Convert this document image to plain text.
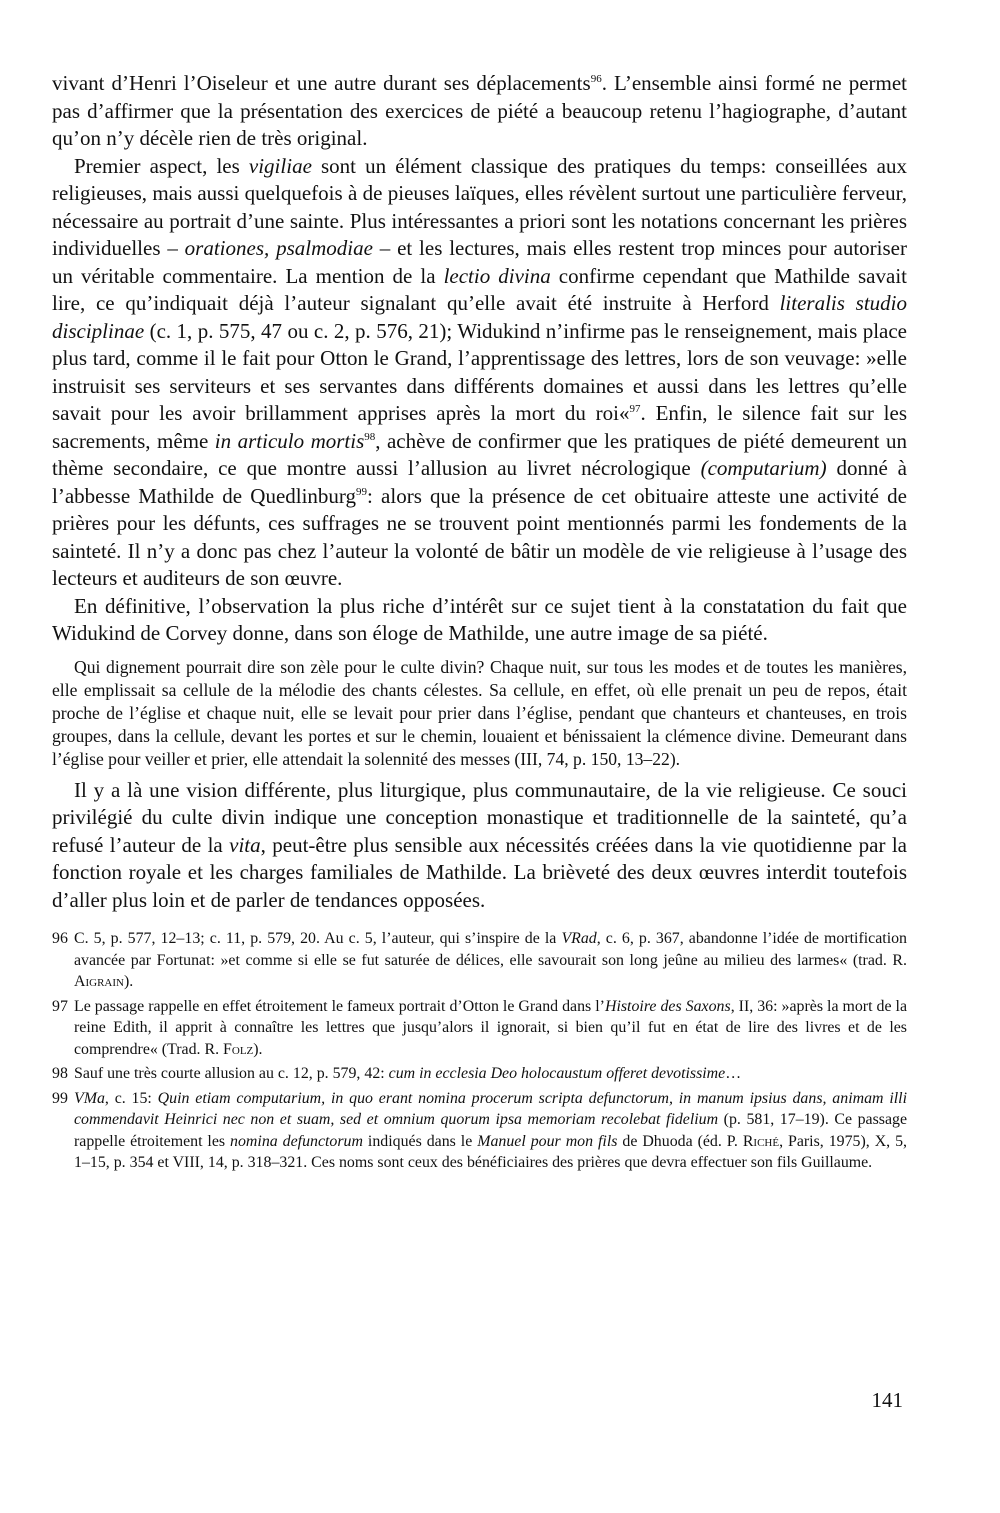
vivant d’Henri l’Oiseleur et une autre durant ses déplacements$^{96}$. L’ensemble ainsi formé ne permet pas d’affirmer que la présentation des exercices de piété a beaucoup retenu l’hagiographe, d’autant qu’on n’y décèle rien de très original.

Premier aspect, les vigiliae sont un élément classique des pratiques du temps: conseillées aux religieuses, mais aussi quelquefois à de pieuses laïques, elles révèlent surtout une particulière ferveur, nécessaire au portrait d’une sainte. Plus intéressantes a priori sont les notations concernant les prières individuelles – orationes, psalmodiae – et les lectures, mais elles restent trop minces pour autoriser un véritable commentaire. La mention de la lectio divina confirme cependant que Mathilde savait lire, ce qu’indiquait déjà l’auteur signalant qu’elle avait été instruite à Herford literalis studio disciplinae (c. 1, p. 575, 47 ou c. 2, p. 576, 21); Widukind n’infirme pas le renseignement, mais place plus tard, comme il le fait pour Otton le Grand, l’apprentissage des lettres, lors de son veuvage: »elle instruisit ses serviteurs et ses servantes dans différents domaines et aussi dans les lettres qu’elle savait pour les avoir brillamment apprises après la mort du roi«$^{97}$. Enfin, le silence fait sur les sacrements, même in articulo mortis$^{98}$, achève de confirmer que les pratiques de piété demeurent un thème secondaire, ce que montre aussi l’allusion au livret nécrologique (computarium) donné à l’abbesse Mathilde de Quedlinburg$^{99}$: alors que la présence de cet obituaire atteste une activité de prières pour les défunts, ces suffrages ne se trouvent point mentionnés parmi les fondements de la sainteté. Il n’y a donc pas chez l’auteur la volonté de bâtir un modèle de vie religieuse à l’usage des lecteurs et auditeurs de son œuvre.

En définitive, l’observation la plus riche d’intérêt sur ce sujet tient à la constatation du fait que Widukind de Corvey donne, dans son éloge de Mathilde, une autre image de sa piété.

Qui dignement pourrait dire son zèle pour le culte divin? Chaque nuit, sur tous les modes et de toutes les manières, elle emplissait sa cellule de la mélodie des chants célestes. Sa cellule, en effet, où elle prenait un peu de repos, était proche de l’église et chaque nuit, elle se levait pour prier dans l’église, pendant que chanteurs et chanteuses, en trois groupes, dans la cellule, devant les portes et sur le chemin, louaient et bénissaient la clémence divine. Demeurant dans l’église pour veiller et prier, elle attendait la solennité des messes (III, 74, p. 150, 13–22).

Il y a là une vision différente, plus liturgique, plus communautaire, de la vie religieuse. Ce souci privilégié du culte divin indique une conception monastique et traditionnelle de la sainteté, qu’a refusé l’auteur de la vita, peut-être plus sensible aux nécessités créées dans la vie quotidienne par la fonction royale et les charges familiales de Mathilde. La brièveté des deux œuvres interdit toutefois d’aller plus loin et de parler de tendances opposées.

96 C. 5, p. 577, 12–13; c. 11, p. 579, 20. Au c. 5, l’auteur, qui s’inspire de la VRad, c. 6, p. 367, abandonne l’idée de mortification avancée par Fortunat: »et comme si elle se fut saturée de délices, elle savourait son long jeûne au milieu des larmes« (trad. R. Aigrain).
97 Le passage rappelle en effet étroitement le fameux portrait d’Otton le Grand dans l’Histoire des Saxons, II, 36: »après la mort de la reine Edith, il apprit à connaître les lettres que jusqu’alors il ignorait, si bien qu’il fut en état de lire des livres et de les comprendre« (Trad. R. Folz).
98 Sauf une très courte allusion au c. 12, p. 579, 42: cum in ecclesia Deo holocaustum offeret devotissime…
99 VMa, c. 15: Quin etiam computarium, in quo erant nomina procerum scripta defunctorum, in manum ipsius dans, animam illi commendavit Heinrici nec non et suam, sed et omnium quorum ipsa memoriam recolebat fidelium (p. 581, 17–19). Ce passage rappelle étroitement les nomina defunctorum indiqués dans le Manuel pour mon fils de Dhuoda (éd. P. Riché, Paris, 1975), X, 5, 1–15, p. 354 et VIII, 14, p. 318–321. Ces noms sont ceux des bénéficiaires des prières que devra effectuer son fils Guillaume.
141
